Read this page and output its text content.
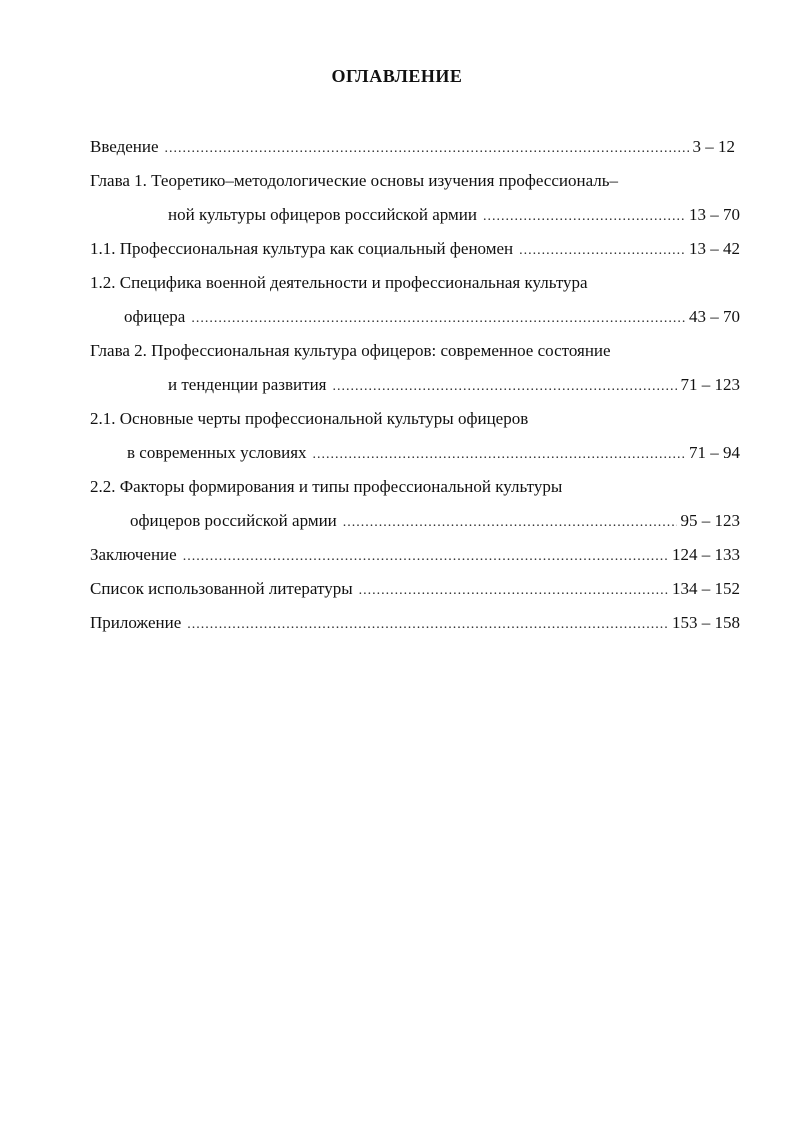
ОГЛАВЛЕНИЕ
Введение .....	3 – 12
Глава 1. Теоретико–методологические основы изучения профессиональ–
ной культуры офицеров российской армии .....	13 – 70
1.1. Профессиональная культура как социальный феномен .....	13 – 42
1.2. Специфика военной деятельности и профессиональная культура
офицера .....	43 – 70
Глава 2. Профессиональная культура офицеров: современное состояние
и тенденции развития .....	71 – 123
2.1. Основные черты профессиональной культуры офицеров
в современных условиях .....	71 – 94
2.2. Факторы формирования и типы профессиональной культуры
офицеров российской армии .....	95 – 123
Заключение .....	124 – 133
Список использованной литературы .....	134 – 152
Приложение .....	153 – 158
